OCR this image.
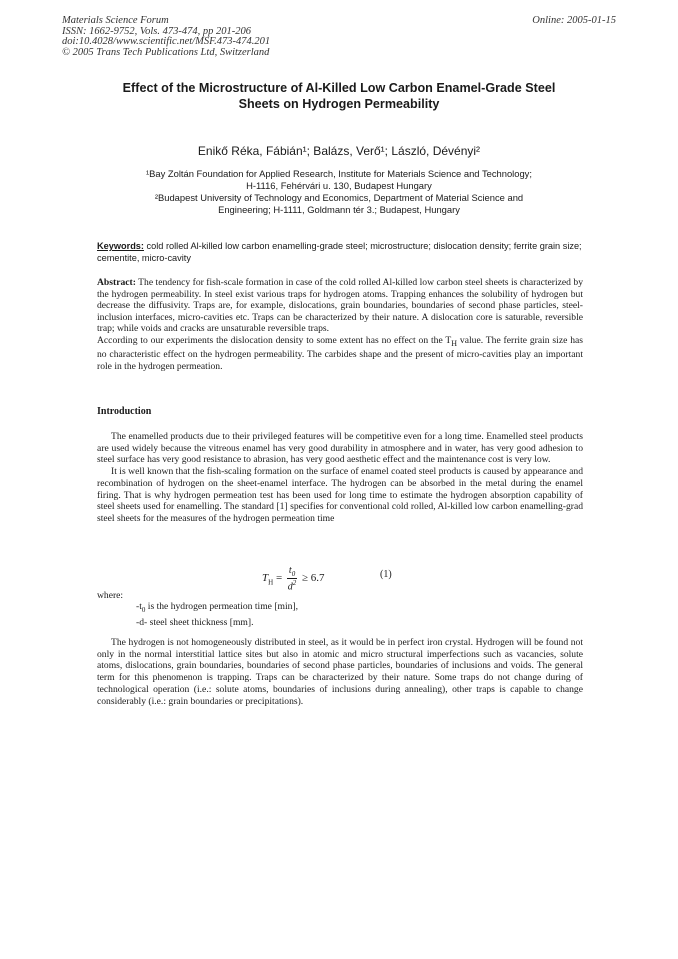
Materials Science Forum
ISSN: 1662-9752, Vols. 473-474, pp 201-206
doi:10.4028/www.scientific.net/MSF.473-474.201
© 2005 Trans Tech Publications Ltd, Switzerland
Online: 2005-01-15
Effect of the Microstructure of Al-Killed Low Carbon Enamel-Grade Steel
Sheets on Hydrogen Permeability
Enikő Réka, Fábián¹; Balázs, Verő¹; László, Dévényi²
¹Bay Zoltán Foundation for Applied Research, Institute for Materials Science and Technology;
H-1116, Fehérvári u. 130, Budapest Hungary
²Budapest University of Technology and Economics, Department of Material Science and
Engineering; H-1111, Goldmann tér 3.; Budapest, Hungary
Keywords: cold rolled Al-killed low carbon enamelling-grade steel; microstructure; dislocation density; ferrite grain size; cementite, micro-cavity

Abstract: The tendency for fish-scale formation in case of the cold rolled Al-killed low carbon steel sheets is characterized by the hydrogen permeability. In steel exist various traps for hydrogen atoms. Trapping enhances the solubility of hydrogen but decrease the diffusivity. Traps are, for example, dislocations, grain boundaries, boundaries of second phase particles, steel-inclusion interfaces, micro-cavities etc. Traps can be characterized by their nature. A dislocation core is saturable, reversible trap; while voids and cracks are unsaturable reversible traps.

According to our experiments the dislocation density to some extent has no effect on the $T_H$ value. The ferrite grain size has no characteristic effect on the hydrogen permeability. The carbides shape and the present of micro-cavities play an important role in the hydrogen permeation.

Introduction

The enamelled products due to their privileged features will be competitive even for a long time. Enamelled steel products are used widely because the vitreous enamel has very good durability in atmosphere and in water, has very good adhesion to steel surface has very good resistance to abrasion, has very good aesthetic effect and the maintenance cost is very low.

It is well known that the fish-scaling formation on the surface of enamel coated steel products is caused by appearance and recombination of hydrogen on the sheet-enamel interface. The hydrogen can be absorbed in the metal during the enamel firing. That is why hydrogen permeation test has been used for long time to estimate the hydrogen absorption capability of steel sheets used for enamelling. The standard [1] specifies for conventional cold rolled, Al-killed low carbon enamelling-grad steel sheets for the measures of the hydrogen permeation time

$T_H = \frac{t_0}{d^2} \ge 6.7$	(1)
where:
$-t_0$ is the hydrogen permeation time [min],
-d- steel sheet thickness [mm].

The hydrogen is not homogeneously distributed in steel, as it would be in perfect iron crystal. Hydrogen will be found not only in the normal interstitial lattice sites but also in atomic and micro structural imperfections such as vacancies, solute atoms, dislocations, grain boundaries, boundaries of second phase particles, boundaries of inclusions and voids. The general term for this phenomenon is trapping. Traps can be characterized by their nature. Some traps do not change during of technological operation (i.e.: solute atoms, boundaries of inclusions during annealing), other traps is capable to change considerably (i.e.: grain boundaries or precipitations).
